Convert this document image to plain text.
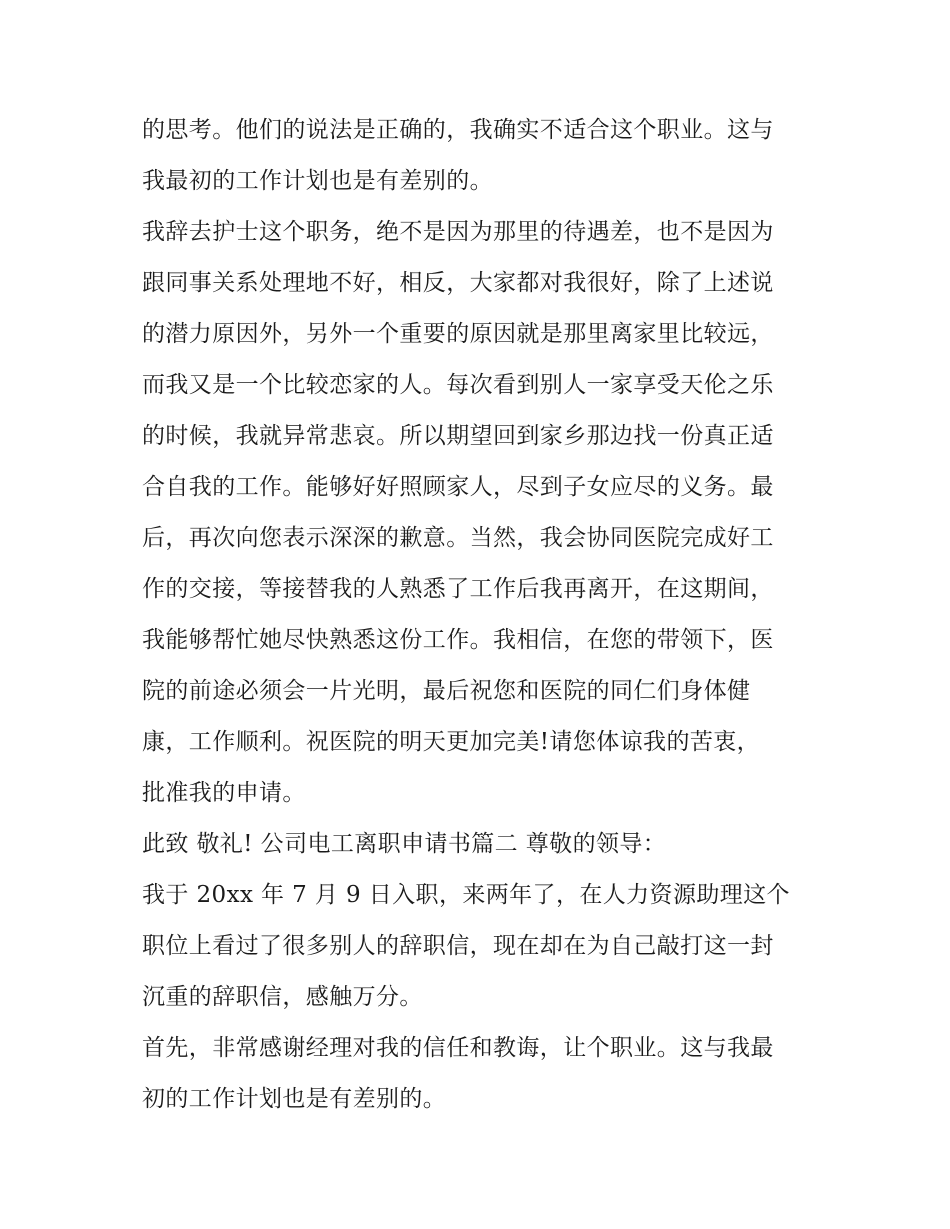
的思考。他们的说法是正确的，我确实不适合这个职业。这与
我最初的工作计划也是有差别的。
我辞去护士这个职务，绝不是因为那里的待遇差，也不是因为
跟同事关系处理地不好，相反，大家都对我很好，除了上述说
的潜力原因外，另外一个重要的原因就是那里离家里比较远，
而我又是一个比较恋家的人。每次看到别人一家享受天伦之乐
的时候，我就异常悲哀。所以期望回到家乡那边找一份真正适
合自我的工作。能够好好照顾家人，尽到子女应尽的义务。最
后，再次向您表示深深的歉意。当然，我会协同医院完成好工
作的交接，等接替我的人熟悉了工作后我再离开，在这期间，
我能够帮忙她尽快熟悉这份工作。我相信，在您的带领下，医
院的前途必须会一片光明，最后祝您和医院的同仁们身体健
康，工作顺利。祝医院的明天更加完美!请您体谅我的苦衷，
批准我的申请。
此致 敬礼! 公司电工离职申请书篇二 尊敬的领导：
我于 20xx 年 7 月 9 日入职，来两年了，在人力资源助理这个
职位上看过了很多别人的辞职信，现在却在为自己敲打这一封
沉重的辞职信，感触万分。
首先，非常感谢经理对我的信任和教诲，让个职业。这与我最
初的工作计划也是有差别的。
